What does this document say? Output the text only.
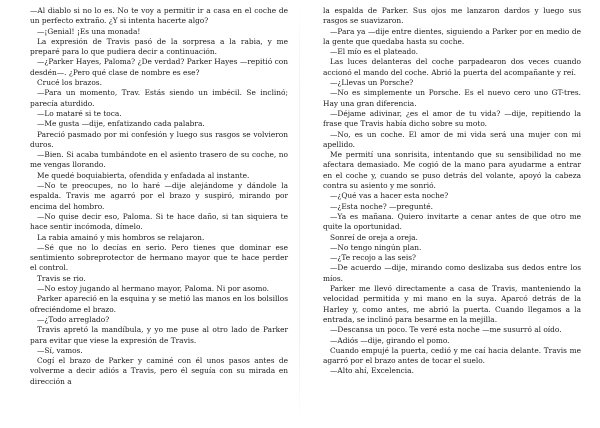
—Al diablo si no lo es. No te voy a permitir ir a casa en el coche de un perfecto extraño. ¿Y si intenta hacerte algo?

—¡Genial! ¡Es una monada!

La expresión de Travis pasó de la sorpresa a la rabia, y me preparé para lo que pudiera decir a continuación.

—¿Parker Hayes, Paloma? ¿De verdad? Parker Hayes —repitió con desdén—. ¿Pero qué clase de nombre es ese?

Crucé los brazos.

—Para un momento, Trav. Estás siendo un imbécil. Se inclinó; parecía aturdido.

—Lo mataré si te toca.

—Me gusta —dije, enfatizando cada palabra.

Pareció pasmado por mi confesión y luego sus rasgos se volvieron duros.

—Bien. Si acaba tumbándote en el asiento trasero de su coche, no me vengas llorando.

Me quedé boquiabierta, ofendida y enfadada al instante.

—No te preocupes, no lo haré —dije alejándome y dándole la espalda. Travis me agarró por el brazo y suspiró, mirando por encima del hombro.

—No quise decir eso, Paloma. Si te hace daño, si tan siquiera te hace sentir incómoda, dímelo.

La rabia amainó y mis hombros se relajaron.

—Sé que no lo decías en serio. Pero tienes que dominar ese sentimiento sobreprotector de hermano mayor que te hace perder el control.

Travis se rio.

—No estoy jugando al hermano mayor, Paloma. Ni por asomo.

Parker apareció en la esquina y se metió las manos en los bolsillos ofreciéndome el brazo.

—¿Todo arreglado?

Travis apretó la mandíbula, y yo me puse al otro lado de Parker para evitar que viese la expresión de Travis.

—Sí, vamos.

Cogí el brazo de Parker y caminé con él unos pasos antes de volverme a decir adiós a Travis, pero él seguía con su mirada en dirección a

la espalda de Parker. Sus ojos me lanzaron dardos y luego sus rasgos se suavizaron.

—Para ya —dije entre dientes, siguiendo a Parker por en medio de la gente que quedaba hasta su coche.

—El mío es el plateado.

Las luces delanteras del coche parpadearon dos veces cuando accionó el mando del coche. Abrió la puerta del acompañante y reí.

—¿Llevas un Porsche?

—No es simplemente un Porsche. Es el nuevo cero uno GT-tres. Hay una gran diferencia.

—Déjame adivinar, ¿es el amor de tu vida? —dije, repitiendo la frase que Travis había dicho sobre su moto.

—No, es un coche. El amor de mi vida será una mujer con mi apellido.

Me permití una sonrisita, intentando que su sensibilidad no me afectara demasiado. Me cogió de la mano para ayudarme a entrar en el coche y, cuando se puso detrás del volante, apoyó la cabeza contra su asiento y me sonrió.

—¿Qué vas a hacer esta noche?

—¿Esta noche? —pregunté.

—Ya es mañana. Quiero invitarte a cenar antes de que otro me quite la oportunidad.

Sonreí de oreja a oreja.

—No tengo ningún plan.

—¿Te recojo a las seis?

—De acuerdo —dije, mirando como deslizaba sus dedos entre los míos.

Parker me llevó directamente a casa de Travis, manteniendo la velocidad permitida y mi mano en la suya. Aparcó detrás de la Harley y, como antes, me abrió la puerta. Cuando llegamos a la entrada, se inclinó para besarme en la mejilla.

—Descansa un poco. Te veré esta noche —me susurró al oído.

—Adiós —dije, girando el pomo.

Cuando empujé la puerta, cedió y me caí hacia delante. Travis me agarró por el brazo antes de tocar el suelo.

—Alto ahí, Excelencia.
